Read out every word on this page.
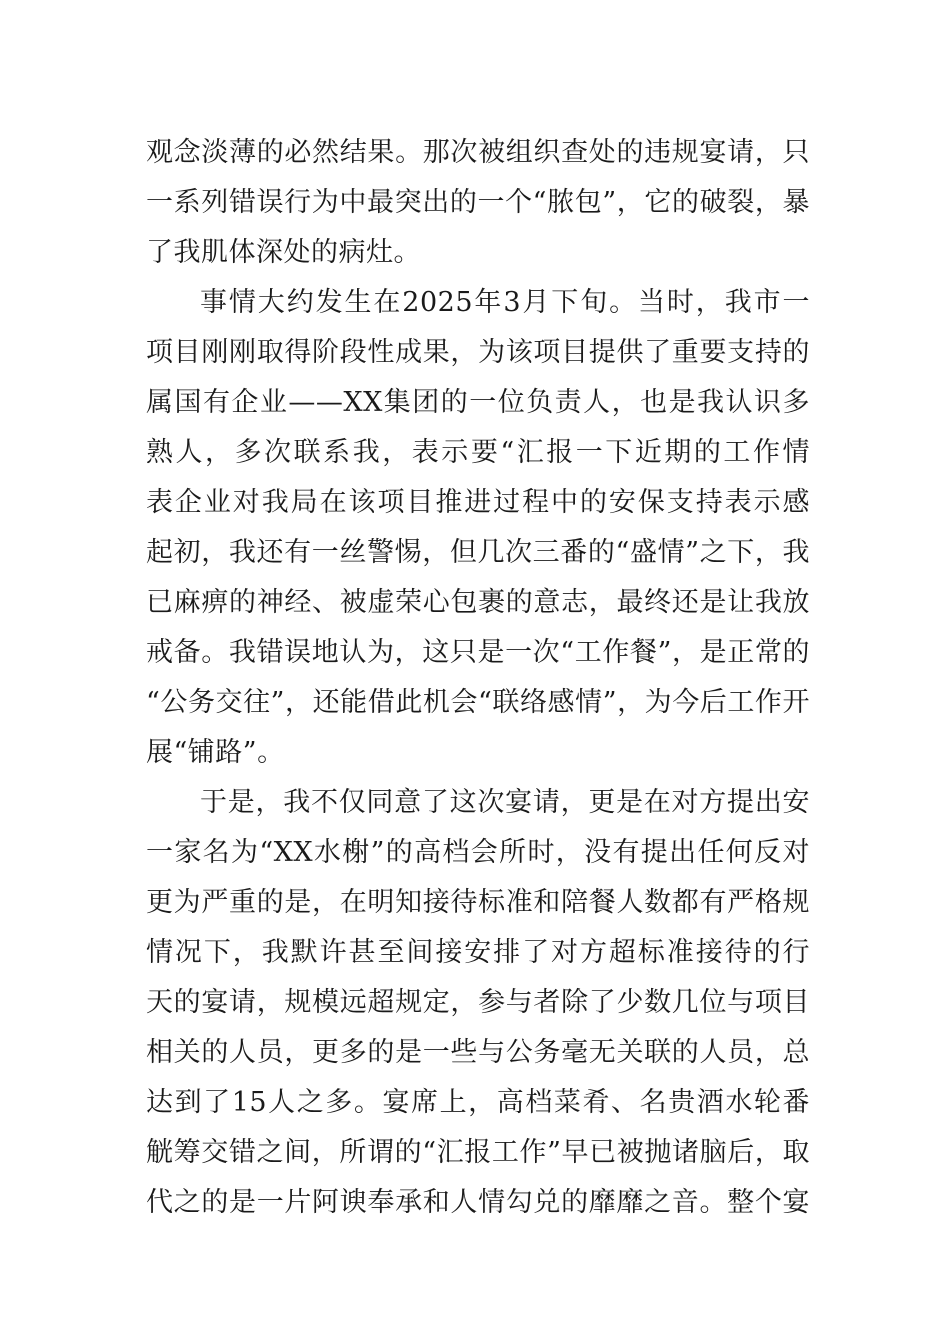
观念淡薄的必然结果。那次被组织查处的违规宴请，只
一系列错误行为中最突出的一个“脓包”，它的破裂，暴
了我肌体深处的病灶。
事情大约发生在2025年3月下旬。当时，我市一
项目刚刚取得阶段性成果，为该项目提供了重要支持的
属国有企业——XX集团的一位负责人，也是我认识多
熟人，多次联系我，表示要“汇报一下近期的工作情
表企业对我局在该项目推进过程中的安保支持表示感
起初，我还有一丝警惕，但几次三番的“盛情”之下，我
已麻痹的神经、被虚荣心包裹的意志，最终还是让我放
戒备。我错误地认为，这只是一次“工作餐”，是正常的
“公务交往”，还能借此机会“联络感情”，为今后工作开
展“铺路”。
于是，我不仅同意了这次宴请，更是在对方提出安
一家名为“XX水榭”的高档会所时，没有提出任何反对
更为严重的是，在明知接待标准和陪餐人数都有严格规
情况下，我默许甚至间接安排了对方超标准接待的行
天的宴请，规模远超规定，参与者除了少数几位与项目
相关的人员，更多的是一些与公务毫无关联的人员，总
达到了15人之多。宴席上，高档菜肴、名贵酒水轮番
觥筹交错之间，所谓的“汇报工作”早已被抛诸脑后，取
代之的是一片阿谀奉承和人情勾兑的靡靡之音。整个宴
